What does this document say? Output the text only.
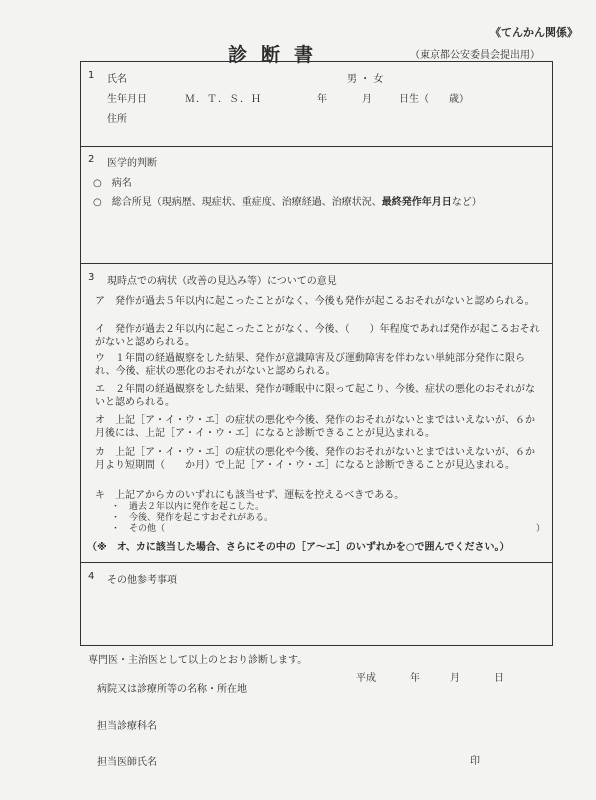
《てんかん関係》
診断書	（東京都公安委員会提出用）
1 氏名	男 ・ 女
生年月日	Ｍ．Ｔ．Ｓ．Ｈ	年	月	日生（　　歳）
住所
2 医学的判断
○　病名
○　総合所見（現病歴、現症状、重症度、治療経過、治療状況、最終発作年月日など）
3 現時点での病状（改善の見込み等）についての意見
ア　発作が過去５年以内に起こったことがなく、今後も発作が起こるおそれがないと認められる。
イ　発作が過去２年以内に起こったことがなく、今後、（　　）年程度であれば発作が起こるおそれがないと認められる。
ウ　１年間の経過観察をした結果、発作が意識障害及び運動障害を伴わない単純部分発作に限られ、今後、症状の悪化のおそれがないと認められる。
エ　２年間の経過観察をした結果、発作が睡眠中に限って起こり、今後、症状の悪化のおそれがないと認められる。
オ　上記［ア・イ・ウ・エ］の症状の悪化や今後、発作のおそれがないとまではいえないが、６か月後には、上記［ア・イ・ウ・エ］になると診断できることが見込まれる。
カ　上記［ア・イ・ウ・エ］の症状の悪化や今後、発作のおそれがないとまではいえないが、６か月より短期間（　　か月）で上記［ア・イ・ウ・エ］になると診断できることが見込まれる。
キ　上記アからカのいずれにも該当せず、運転を控えるべきである。
・　過去２年以内に発作を起こした。
・　今後、発作を起こすおそれがある。
・　その他（	）
（※　オ、カに該当した場合、さらにその中の［ア～エ］のいずれかを○で囲んでください。）
4 その他参考事項
専門医・主治医として以上のとおり診断します。
平成	年	月	日
病院又は診療所等の名称・所在地
担当診療科名
担当医師氏名	印
